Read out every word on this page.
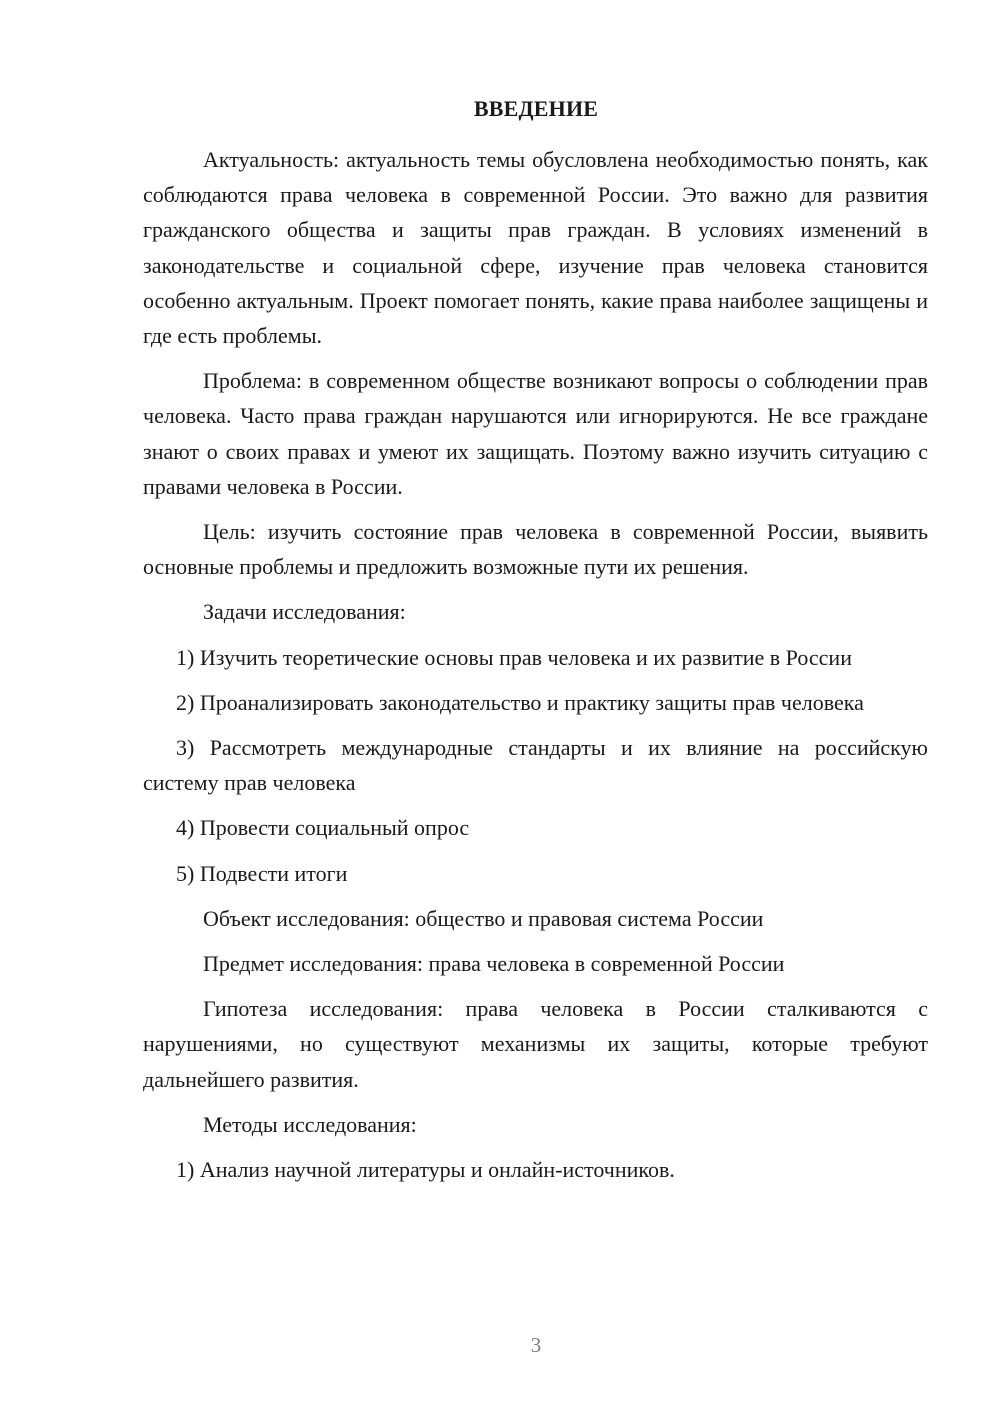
ВВЕДЕНИЕ

Актуальность: актуальность темы обусловлена необходимостью понять, как соблюдаются права человека в современной России. Это важно для развития гражданского общества и защиты прав граждан. В условиях изменений в законодательстве и социальной сфере, изучение прав человека становится особенно актуальным. Проект помогает понять, какие права наиболее защищены и где есть проблемы.

Проблема: в современном обществе возникают вопросы о соблюдении прав человека. Часто права граждан нарушаются или игнорируются. Не все граждане знают о своих правах и умеют их защищать. Поэтому важно изучить ситуацию с правами человека в России.

Цель: изучить состояние прав человека в современной России, выявить основные проблемы и предложить возможные пути их решения.

Задачи исследования:

1) Изучить теоретические основы прав человека и их развитие в России

2) Проанализировать законодательство и практику защиты прав человека

3) Рассмотреть международные стандарты и их влияние на российскую систему прав человека

4) Провести социальный опрос

5) Подвести итоги

Объект исследования: общество и правовая система России

Предмет исследования: права человека в современной России

Гипотеза исследования: права человека в России сталкиваются с нарушениями, но существуют механизмы их защиты, которые требуют дальнейшего развития.

Методы исследования:

1) Анализ научной литературы и онлайн-источников.

3
